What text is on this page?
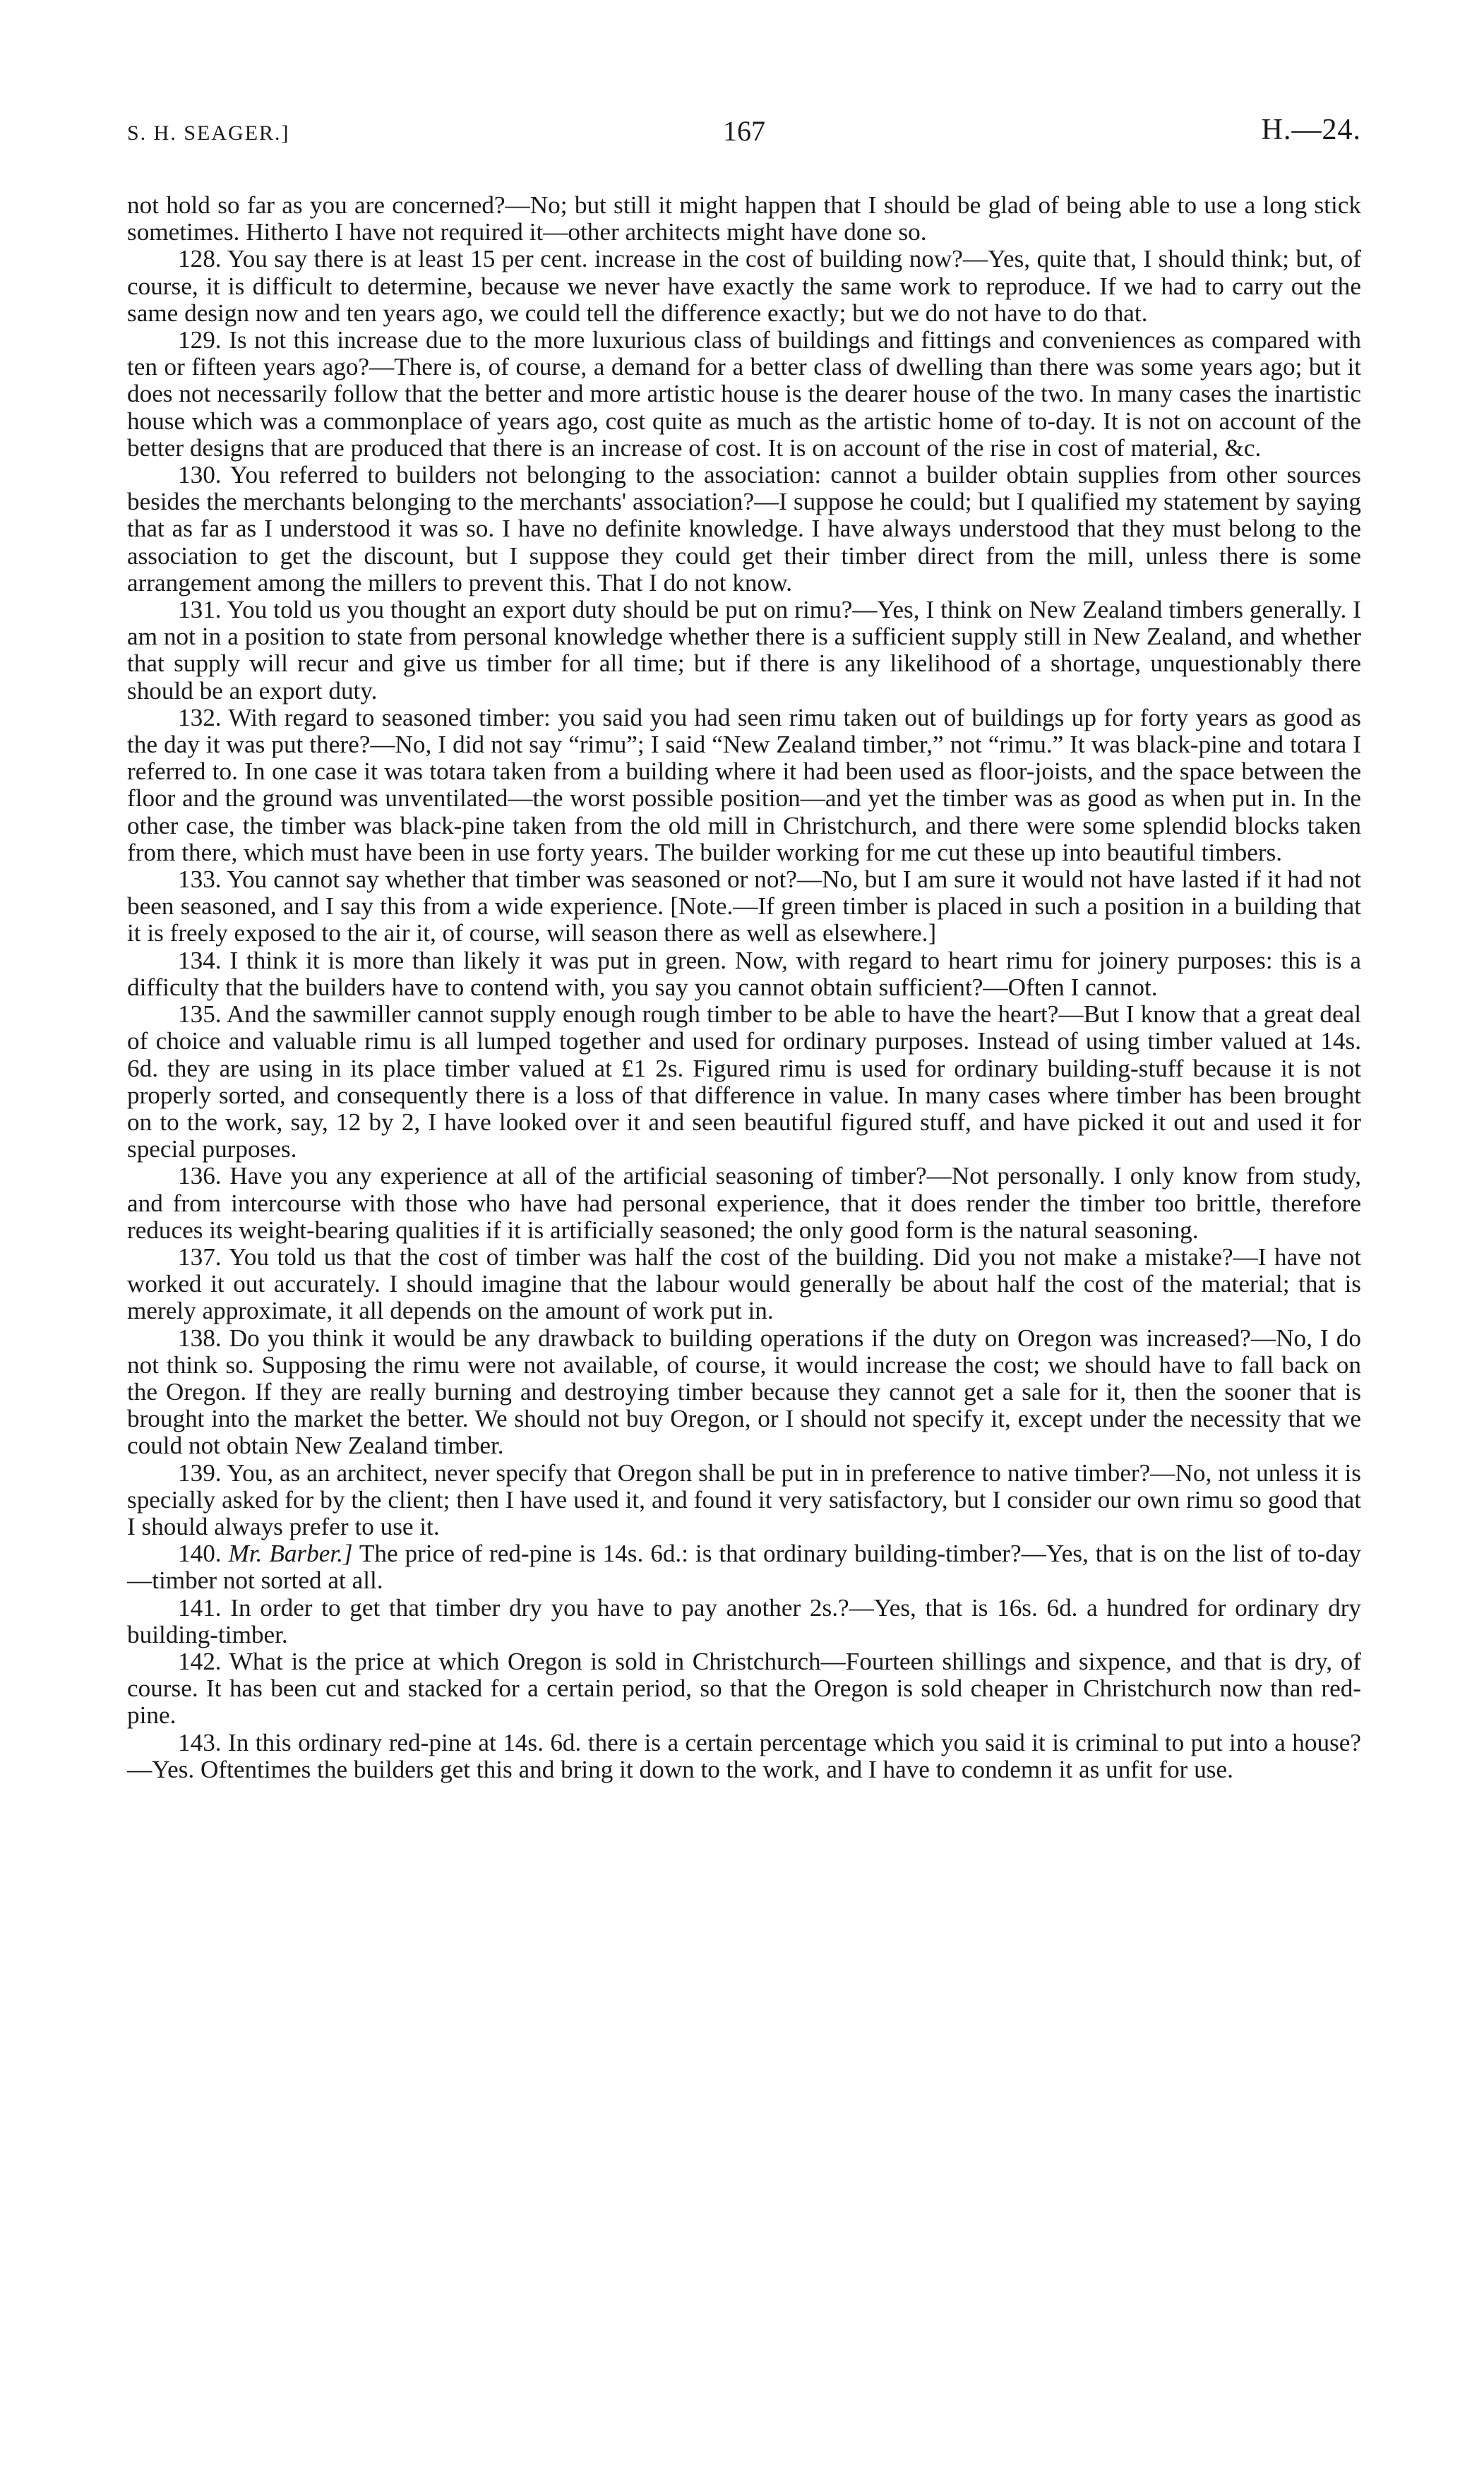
S. H. SEAGER.]	167	H.—24.

not hold so far as you are concerned?—No; but still it might happen that I should be glad of being able to use a long stick sometimes. Hitherto I have not required it—other architects might have done so.

128. You say there is at least 15 per cent. increase in the cost of building now?—Yes, quite that, I should think; but, of course, it is difficult to determine, because we never have exactly the same work to reproduce. If we had to carry out the same design now and ten years ago, we could tell the difference exactly; but we do not have to do that.

129. Is not this increase due to the more luxurious class of buildings and fittings and conveniences as compared with ten or fifteen years ago?—There is, of course, a demand for a better class of dwelling than there was some years ago; but it does not necessarily follow that the better and more artistic house is the dearer house of the two. In many cases the inartistic house which was a commonplace of years ago, cost quite as much as the artistic home of to-day. It is not on account of the better designs that are produced that there is an increase of cost. It is on account of the rise in cost of material, &c.

130. You referred to builders not belonging to the association: cannot a builder obtain supplies from other sources besides the merchants belonging to the merchants' association?—I suppose he could; but I qualified my statement by saying that as far as I understood it was so. I have no definite knowledge. I have always understood that they must belong to the association to get the discount, but I suppose they could get their timber direct from the mill, unless there is some arrangement among the millers to prevent this. That I do not know.

131. You told us you thought an export duty should be put on rimu?—Yes, I think on New Zealand timbers generally. I am not in a position to state from personal knowledge whether there is a sufficient supply still in New Zealand, and whether that supply will recur and give us timber for all time; but if there is any likelihood of a shortage, unquestionably there should be an export duty.

132. With regard to seasoned timber: you said you had seen rimu taken out of buildings up for forty years as good as the day it was put there?—No, I did not say “rimu”; I said “New Zealand timber,” not “rimu.” It was black-pine and totara I referred to. In one case it was totara taken from a building where it had been used as floor-joists, and the space between the floor and the ground was unventilated—the worst possible position—and yet the timber was as good as when put in. In the other case, the timber was black-pine taken from the old mill in Christchurch, and there were some splendid blocks taken from there, which must have been in use forty years. The builder working for me cut these up into beautiful timbers.

133. You cannot say whether that timber was seasoned or not?—No, but I am sure it would not have lasted if it had not been seasoned, and I say this from a wide experience. [Note.—If green timber is placed in such a position in a building that it is freely exposed to the air it, of course, will season there as well as elsewhere.]

134. I think it is more than likely it was put in green. Now, with regard to heart rimu for joinery purposes: this is a difficulty that the builders have to contend with, you say you cannot obtain sufficient?—Often I cannot.

135. And the sawmiller cannot supply enough rough timber to be able to have the heart?—But I know that a great deal of choice and valuable rimu is all lumped together and used for ordinary purposes. Instead of using timber valued at 14s. 6d. they are using in its place timber valued at £1 2s. Figured rimu is used for ordinary building-stuff because it is not properly sorted, and consequently there is a loss of that difference in value. In many cases where timber has been brought on to the work, say, 12 by 2, I have looked over it and seen beautiful figured stuff, and have picked it out and used it for special purposes.

136. Have you any experience at all of the artificial seasoning of timber?—Not personally. I only know from study, and from intercourse with those who have had personal experience, that it does render the timber too brittle, therefore reduces its weight-bearing qualities if it is artificially seasoned; the only good form is the natural seasoning.

137. You told us that the cost of timber was half the cost of the building. Did you not make a mistake?—I have not worked it out accurately. I should imagine that the labour would generally be about half the cost of the material; that is merely approximate, it all depends on the amount of work put in.

138. Do you think it would be any drawback to building operations if the duty on Oregon was increased?—No, I do not think so. Supposing the rimu were not available, of course, it would increase the cost; we should have to fall back on the Oregon. If they are really burning and destroying timber because they cannot get a sale for it, then the sooner that is brought into the market the better. We should not buy Oregon, or I should not specify it, except under the necessity that we could not obtain New Zealand timber.

139. You, as an architect, never specify that Oregon shall be put in in preference to native timber?—No, not unless it is specially asked for by the client; then I have used it, and found it very satisfactory, but I consider our own rimu so good that I should always prefer to use it.

140. Mr. Barber.] The price of red-pine is 14s. 6d.: is that ordinary building-timber?—Yes, that is on the list of to-day—timber not sorted at all.

141. In order to get that timber dry you have to pay another 2s.?—Yes, that is 16s. 6d. a hundred for ordinary dry building-timber.

142. What is the price at which Oregon is sold in Christchurch—Fourteen shillings and sixpence, and that is dry, of course. It has been cut and stacked for a certain period, so that the Oregon is sold cheaper in Christchurch now than red-pine.

143. In this ordinary red-pine at 14s. 6d. there is a certain percentage which you said it is criminal to put into a house?—Yes. Oftentimes the builders get this and bring it down to the work, and I have to condemn it as unfit for use.
